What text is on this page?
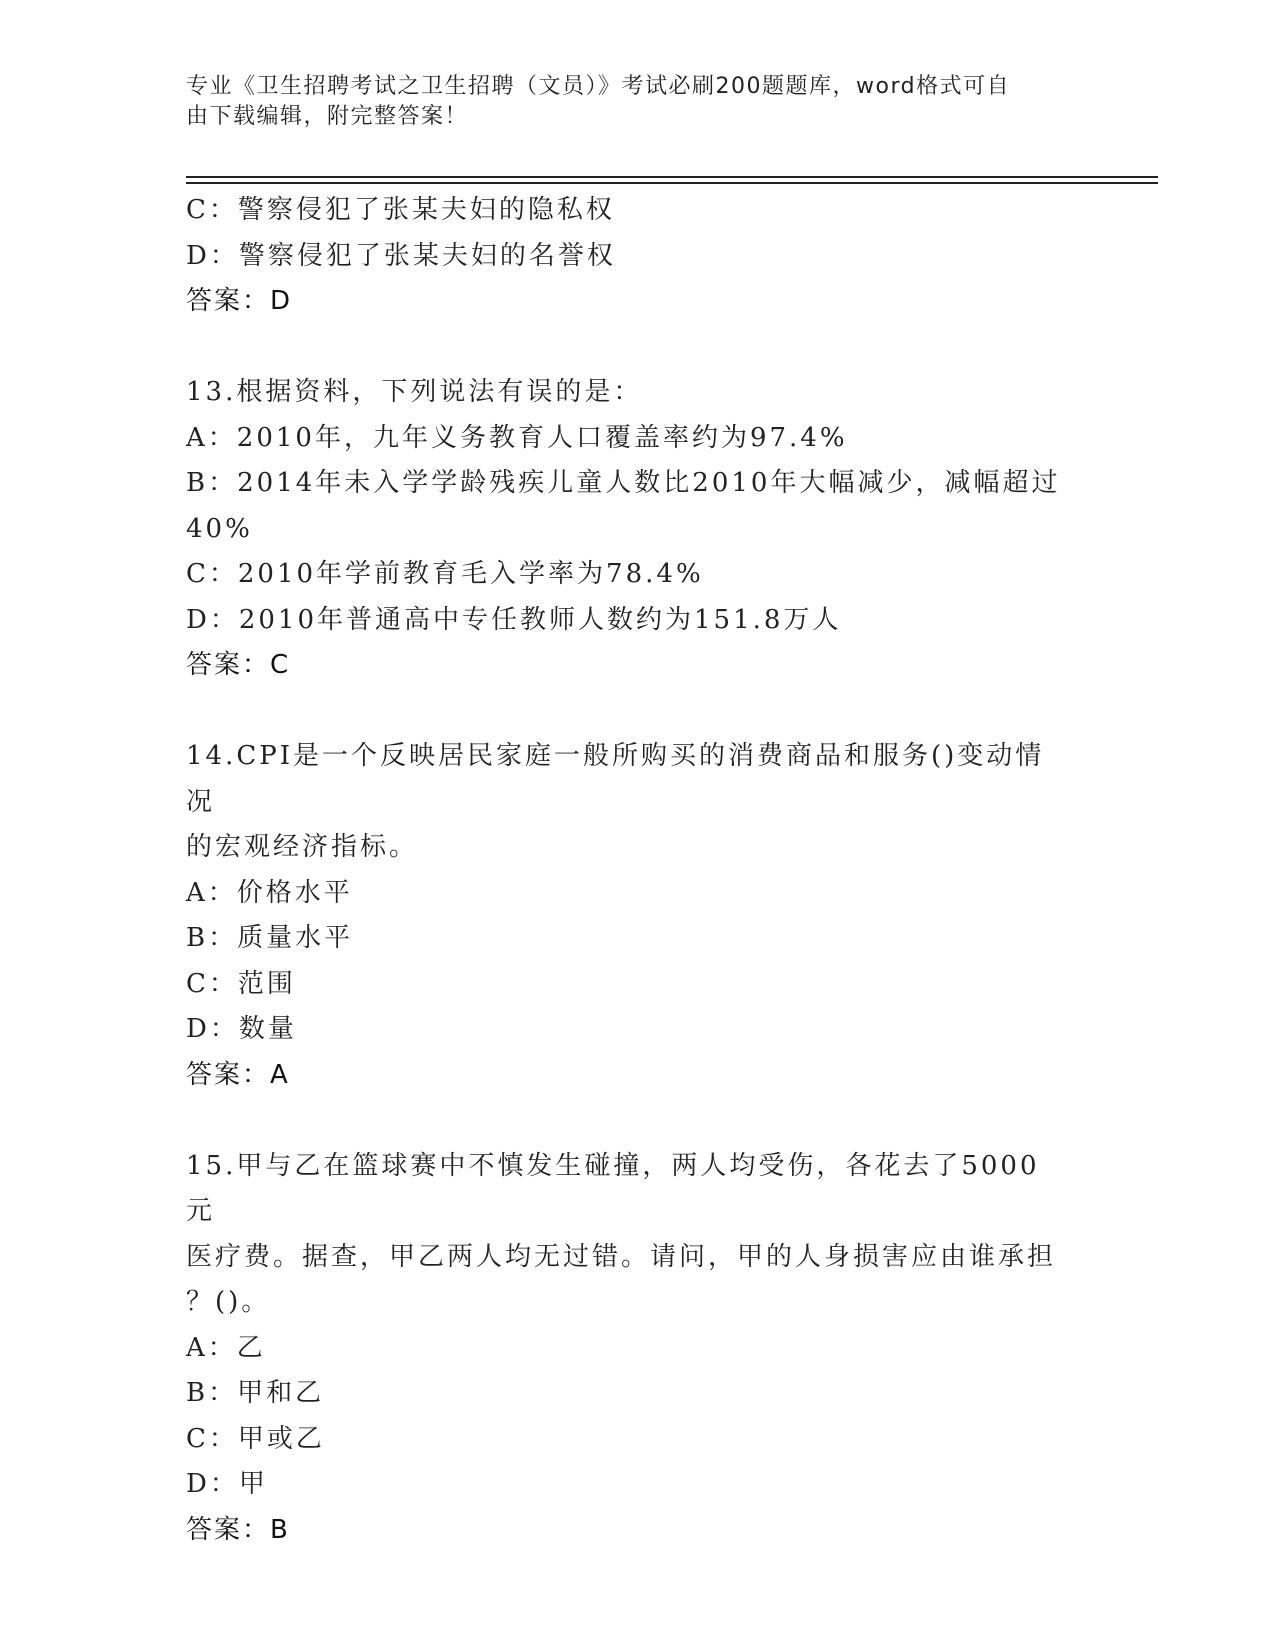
专业《卫生招聘考试之卫生招聘（文员）》考试必刷200题题库，word格式可自
由下载编辑，附完整答案！
C：警察侵犯了张某夫妇的隐私权
D：警察侵犯了张某夫妇的名誉权
答案：D
13.根据资料，下列说法有误的是：
A：2010年，九年义务教育人口覆盖率约为97.4%
B：2014年未入学学龄残疾儿童人数比2010年大幅减少，减幅超过
40%
C：2010年学前教育毛入学率为78.4%
D：2010年普通高中专任教师人数约为151.8万人
答案：C
14.CPI是一个反映居民家庭一般所购买的消费商品和服务()变动情况
的宏观经济指标。
A：价格水平
B：质量水平
C：范围
D：数量
答案：A
15.甲与乙在篮球赛中不慎发生碰撞，两人均受伤，各花去了5000元
医疗费。据查，甲乙两人均无过错。请问，甲的人身损害应由谁承担
？()。
A：乙
B：甲和乙
C：甲或乙
D：甲
答案：B
